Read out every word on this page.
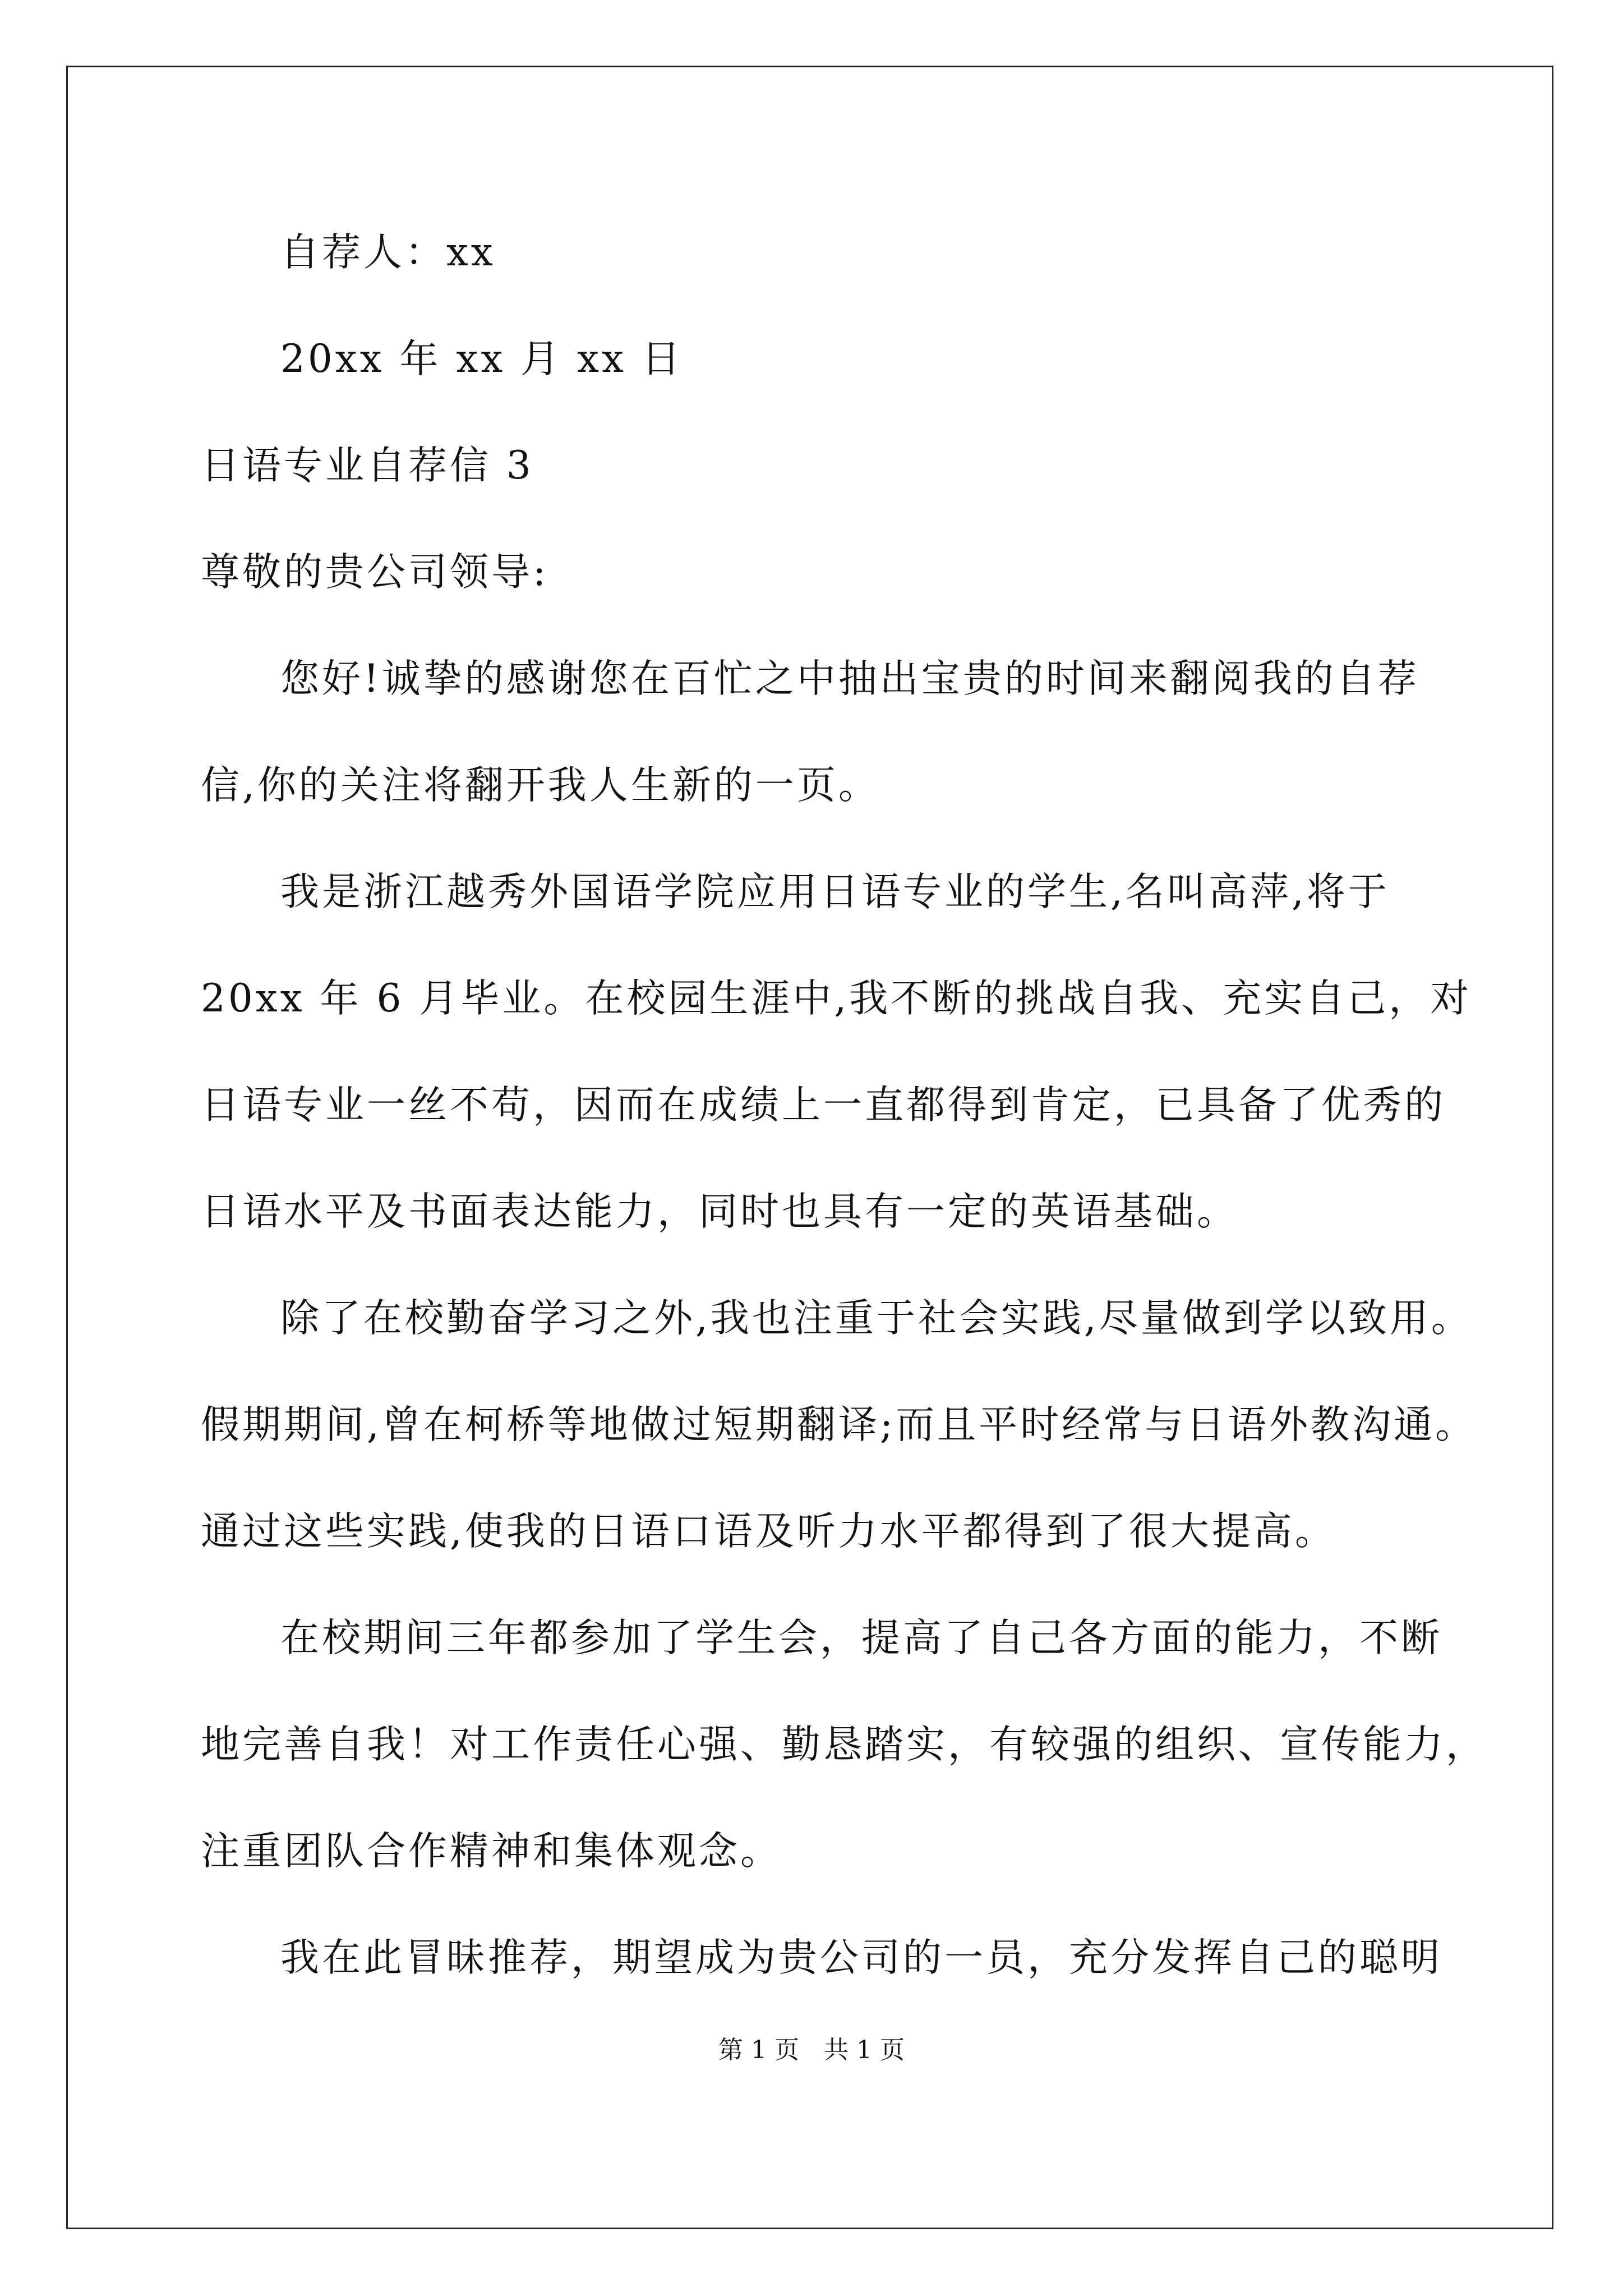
自荐人：xx
20xx 年 xx 月 xx 日
日语专业自荐信 3
尊敬的贵公司领导:
您好!诚挚的感谢您在百忙之中抽出宝贵的时间来翻阅我的自荐
信,你的关注将翻开我人生新的一页。
我是浙江越秀外国语学院应用日语专业的学生,名叫高萍,将于
20xx 年 6 月毕业。在校园生涯中,我不断的挑战自我、充实自己，对
日语专业一丝不苟，因而在成绩上一直都得到肯定，已具备了优秀的
日语水平及书面表达能力，同时也具有一定的英语基础。
除了在校勤奋学习之外,我也注重于社会实践,尽量做到学以致用。
假期期间,曾在柯桥等地做过短期翻译;而且平时经常与日语外教沟通。
通过这些实践,使我的日语口语及听力水平都得到了很大提高。
在校期间三年都参加了学生会，提高了自己各方面的能力，不断
地完善自我！对工作责任心强、勤恳踏实，有较强的组织、宣传能力，
注重团队合作精神和集体观念。
我在此冒昧推荐，期望成为贵公司的一员，充分发挥自己的聪明
第 1 页 共 1 页
